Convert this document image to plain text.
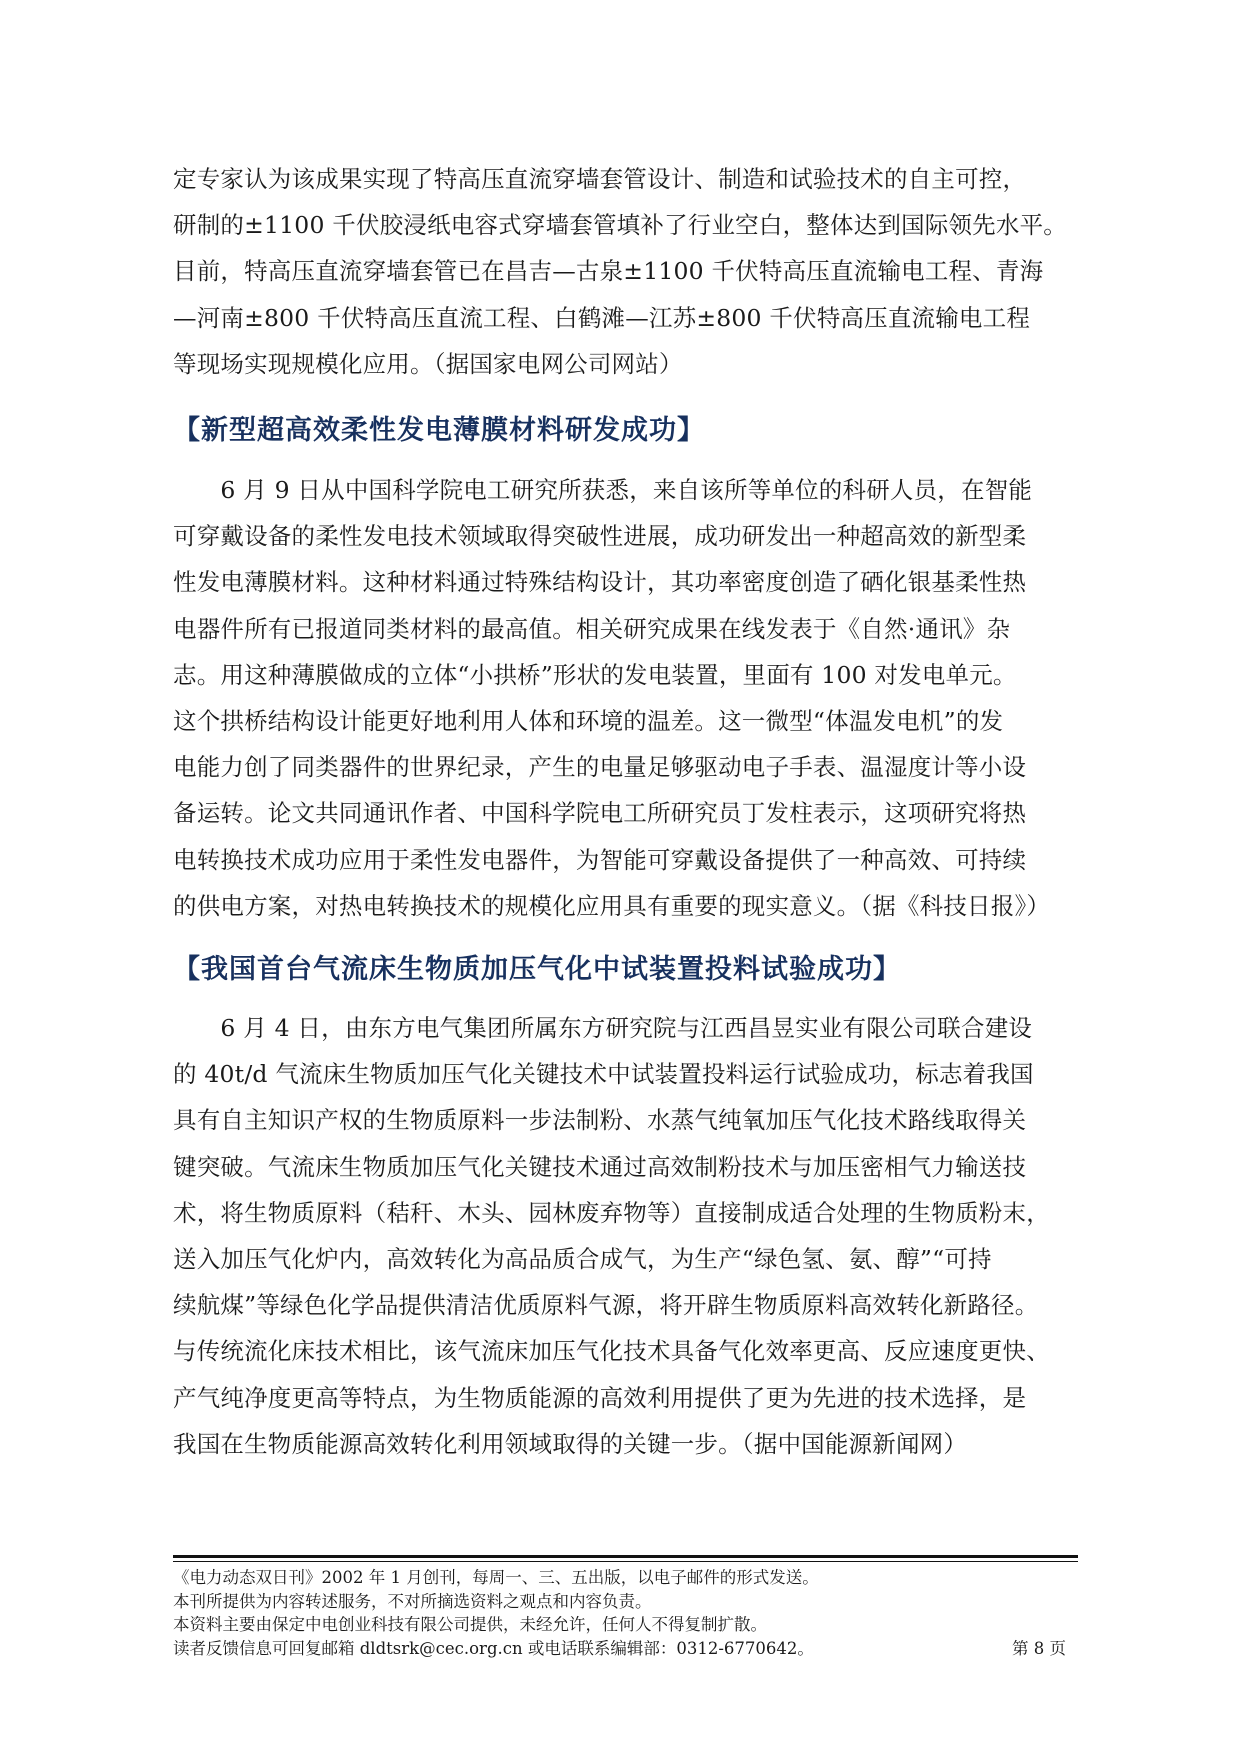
定专家认为该成果实现了特高压直流穿墙套管设计、制造和试验技术的自主可控，
研制的±1100 千伏胶浸纸电容式穿墙套管填补了行业空白，整体达到国际领先水平。
目前，特高压直流穿墙套管已在昌吉—古泉±1100 千伏特高压直流输电工程、青海
—河南±800 千伏特高压直流工程、白鹤滩—江苏±800 千伏特高压直流输电工程
等现场实现规模化应用。（据国家电网公司网站）
【新型超高效柔性发电薄膜材料研发成功】
　　6 月 9 日从中国科学院电工研究所获悉，来自该所等单位的科研人员，在智能
可穿戴设备的柔性发电技术领域取得突破性进展，成功研发出一种超高效的新型柔
性发电薄膜材料。这种材料通过特殊结构设计，其功率密度创造了硒化银基柔性热
电器件所有已报道同类材料的最高值。相关研究成果在线发表于《自然·通讯》杂
志。用这种薄膜做成的立体“小拱桥”形状的发电装置，里面有 100 对发电单元。
这个拱桥结构设计能更好地利用人体和环境的温差。这一微型“体温发电机”的发
电能力创了同类器件的世界纪录，产生的电量足够驱动电子手表、温湿度计等小设
备运转。论文共同通讯作者、中国科学院电工所研究员丁发柱表示，这项研究将热
电转换技术成功应用于柔性发电器件，为智能可穿戴设备提供了一种高效、可持续
的供电方案，对热电转换技术的规模化应用具有重要的现实意义。（据《科技日报》）
【我国首台气流床生物质加压气化中试装置投料试验成功】
　　6 月 4 日，由东方电气集团所属东方研究院与江西昌昱实业有限公司联合建设
的 40t/d 气流床生物质加压气化关键技术中试装置投料运行试验成功，标志着我国
具有自主知识产权的生物质原料一步法制粉、水蒸气纯氧加压气化技术路线取得关
键突破。气流床生物质加压气化关键技术通过高效制粉技术与加压密相气力输送技
术，将生物质原料（秸秆、木头、园林废弃物等）直接制成适合处理的生物质粉末，
送入加压气化炉内，高效转化为高品质合成气，为生产“绿色氢、氨、醇”“可持
续航煤”等绿色化学品提供清洁优质原料气源，将开辟生物质原料高效转化新路径。
与传统流化床技术相比，该气流床加压气化技术具备气化效率更高、反应速度更快、
产气纯净度更高等特点，为生物质能源的高效利用提供了更为先进的技术选择，是
我国在生物质能源高效转化利用领域取得的关键一步。（据中国能源新闻网）
《电力动态双日刊》2002 年 1 月创刊，每周一、三、五出版，以电子邮件的形式发送。
本刊所提供为内容转述服务，不对所摘选资料之观点和内容负责。
本资料主要由保定中电创业科技有限公司提供，未经允许，任何人不得复制扩散。
读者反馈信息可回复邮箱 dldtsrk@cec.org.cn 或电话联系编辑部：0312-6770642。	第 8 页
